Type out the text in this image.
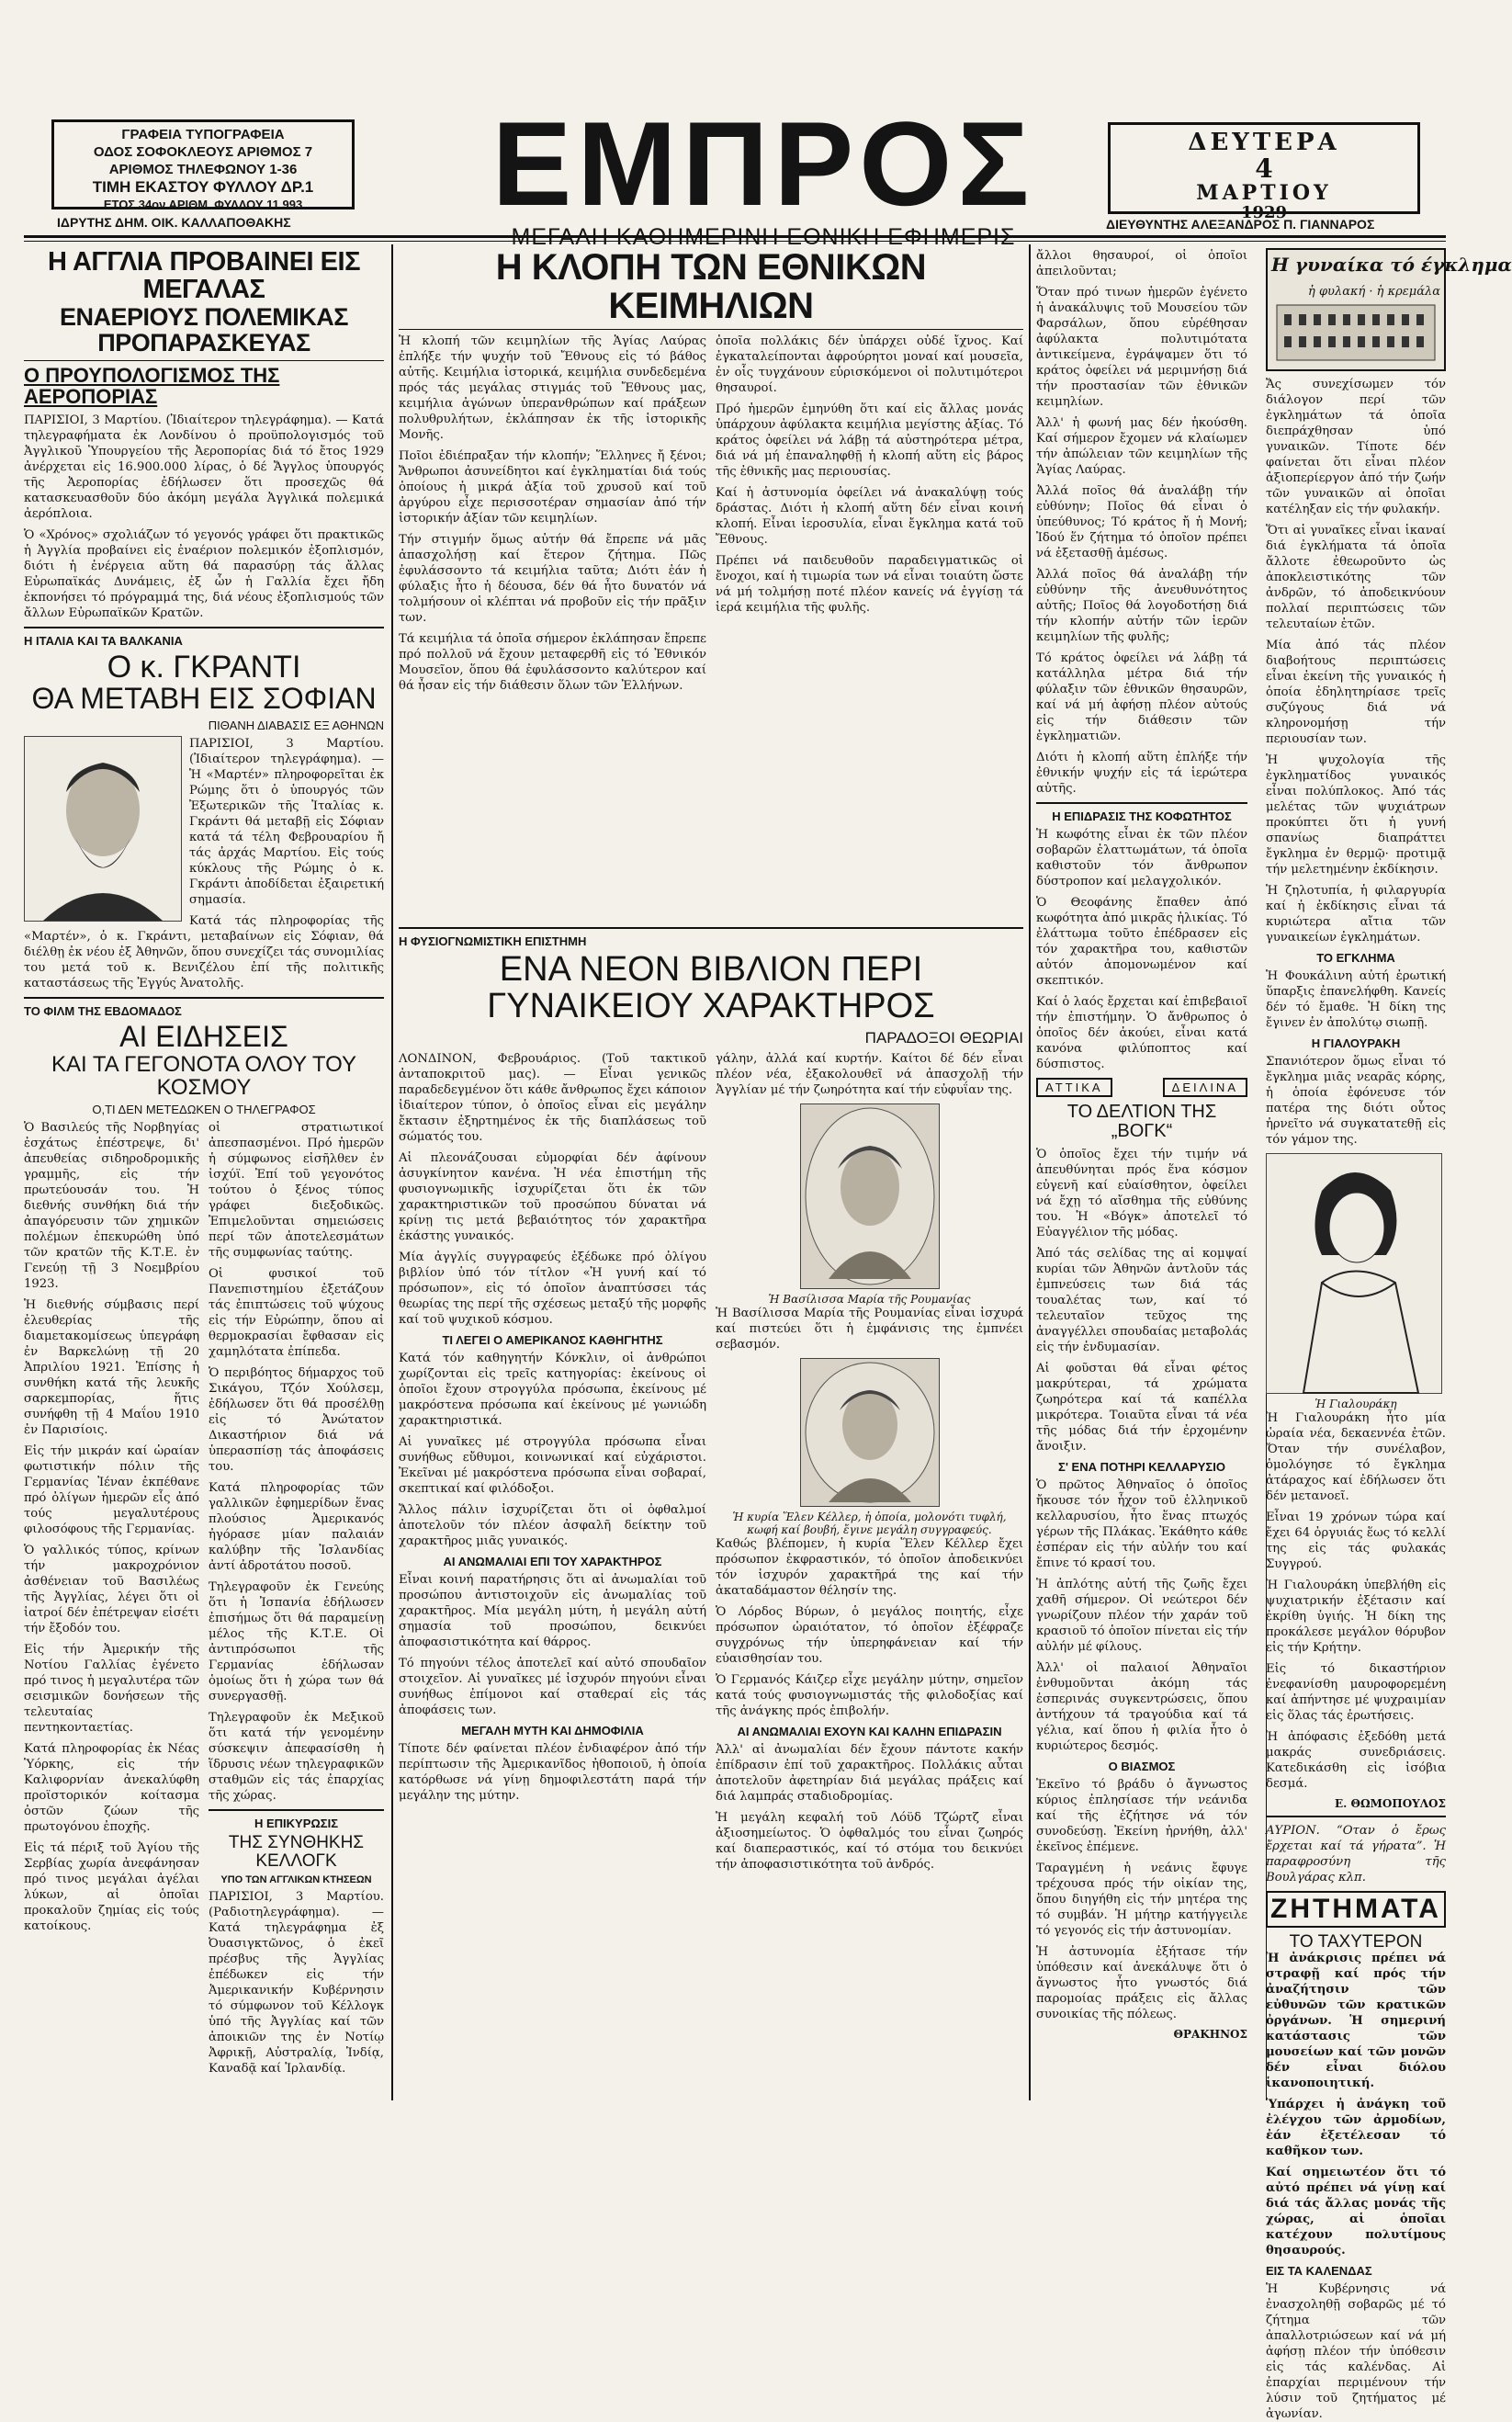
ΓΡΑΦΕΙΑ ΤΥΠΟΓΡΑΦΕΙΑ
ΟΔΟΣ ΣΟΦΟΚΛΕΟΥΣ ΑΡΙΘΜΟΣ 7
ΑΡΙΘΜΟΣ ΤΗΛΕΦΩΝΟΥ 1-36
ΤΙΜΗ ΕΚΑΣΤΟΥ ΦΥΛΛΟΥ ΔΡ.1
ΕΤΟΣ 34ον ΑΡΙΘΜ. ΦΥΛΛΟΥ 11.993
ΙΔΡΥΤΗΣ ΔΗΜ. ΟΙΚ. ΚΑΛΛΑΠΟΘΑΚΗΣ	ΕΜΠΡΟΣ	ΔΕΥΤΕΡΑ
4
ΜΑΡΤΙΟΥ
1929
ΔΙΕΥΘΥΝΤΗΣ ΑΛΕΞΑΝΔΡΟΣ Π. ΓΙΑΝΝΑΡΟΣ
Η ΑΓΓΛΙΑ ΠΡΟΒΑΙΝΕΙ ΕΙΣ ΜΕΓΑΛΑΣ
ΕΝΑΕΡΙΟΥΣ ΠΟΛΕΜΙΚΑΣ ΠΡΟΠΑΡΑΣΚΕΥΑΣ
Ο ΠΡΟΥΠΟΛΟΓΙΣΜΟΣ ΤΗΣ ΑΕΡΟΠΟΡΙΑΣ

ΠΑΡΙΣΙΟΙ, 3 Μαρτίου. (Ἰδιαίτερον τηλεγράφημα). — Κατά τηλεγραφήματα ἐκ Λονδίνου ὁ προϋπολογισμός τοῦ Ἀγγλικοῦ Ὑπουργείου τῆς Ἀεροπορίας διά τό ἔτος 1929 ἀνέρχεται εἰς 16.900.000 λίρας, ὁ δέ Ἄγγλος ὑπουργός τῆς Ἀεροπορίας ἐδήλωσεν ὅτι προσεχῶς θά κατασκευασθοῦν δύο ἀκόμη μεγάλα Ἀγγλικά πολεμικά ἀερόπλοια.

Ὁ «Χρόνος» σχολιάζων τό γεγονός γράφει ὅτι πρακτικῶς ἡ Ἀγγλία προβαίνει εἰς ἐναέριον πολεμικόν ἐξοπλισμόν, διότι ἡ ἐνέργεια αὕτη θά παρασύρῃ τάς ἄλλας Εὐρωπαϊκάς Δυνάμεις, ἐξ ὧν ἡ Γαλλία ἔχει ἤδη ἐκπονήσει τό πρόγραμμά της, διά νέους ἐξοπλισμούς τῶν ἄλλων Εὐρωπαϊκῶν Κρατῶν.

Η ΙΤΑΛΙΑ ΚΑΙ ΤΑ ΒΑΛΚΑΝΙΑ
Ο κ. ΓΚΡΑΝΤΙ
ΘΑ ΜΕΤΑΒΗ ΕΙΣ ΣΟΦΙΑΝ
ΠΙΘΑΝΗ ΔΙΑΒΑΣΙΣ ΕΞ ΑΘΗΝΩΝ

ΠΑΡΙΣΙΟΙ, 3 Μαρτίου. (Ἰδιαίτερον τηλεγράφημα). — Ἡ «Μαρτέν» πληροφορεῖται ἐκ Ρώμης ὅτι ὁ ὑπουργός τῶν Ἐξωτερικῶν τῆς Ἰταλίας κ. Γκράντι θά μεταβῇ εἰς Σόφιαν κατά τά τέλη Φεβρουαρίου ἤ τάς ἀρχάς Μαρτίου. Εἰς τούς κύκλους τῆς Ρώμης ὁ κ. Γκράντι ἀποδίδεται ἐξαιρετική σημασία.

Κατά τάς πληροφορίας τῆς «Μαρτέν», ὁ κ. Γκράντι, μεταβαίνων εἰς Σόφιαν, θά διέλθῃ ἐκ νέου ἐξ Ἀθηνῶν, ὅπου συνεχίζει τάς συνομιλίας του μετά τοῦ κ. Βενιζέλου ἐπί τῆς πολιτικῆς καταστάσεως τῆς Ἐγγύς Ἀνατολῆς.

ΤΟ ΦΙΛΜ ΤΗΣ ΕΒΔΟΜΑΔΟΣ
ΑΙ ΕΙΔΗΣΕΙΣ
ΚΑΙ ΤΑ ΓΕΓΟΝΟΤΑ ΟΛΟΥ ΤΟΥ ΚΟΣΜΟΥ
Ο,ΤΙ ΔΕΝ ΜΕΤΕΔΩΚΕΝ Ο ΤΗΛΕΓΡΑΦΟΣ

Ὁ Βασιλεύς τῆς Νορβηγίας ἐσχάτως ἐπέστρεψε, δι' ἀπευθείας σιδηροδρομικῆς γραμμῆς, εἰς τήν πρωτεύουσάν του. Ἡ διεθνής συνθήκη διά τήν ἀπαγόρευσιν τῶν χημικῶν πολέμων ἐπεκυρώθη ὑπό τῶν κρατῶν τῆς Κ.Τ.Ε. ἐν Γενεύῃ τῇ 3 Νοεμβρίου 1923.

Ἡ διεθνής σύμβασις περί ἐλευθερίας τῆς διαμετακομίσεως ὑπεγράφη ἐν Βαρκελώνῃ τῇ 20 Ἀπριλίου 1921. Ἐπίσης ἡ συνθήκη κατά τῆς λευκῆς σαρκεμπορίας, ἥτις συνήφθη τῇ 4 Μαΐου 1910 ἐν Παρισίοις.

Εἰς τήν μικράν καί ὡραίαν φωτιστικήν πόλιν τῆς Γερμανίας Ἰέναν ἐκπέθανε πρό ὀλίγων ἡμερῶν εἷς ἀπό τούς μεγαλυτέρους φιλοσόφους τῆς Γερμανίας.

Ὁ γαλλικός τύπος, κρίνων τήν μακροχρόνιον ἀσθένειαν τοῦ Βασιλέως τῆς Ἀγγλίας, λέγει ὅτι οἱ ἰατροί δέν ἐπέτρεψαν εἰσέτι τήν ἔξοδόν του.

Εἰς τήν Ἀμερικήν τῆς Νοτίου Γαλλίας ἐγένετο πρό τινος ἡ μεγαλυτέρα τῶν σεισμικῶν δονήσεων τῆς τελευταίας πεντηκονταετίας.

Κατά πληροφορίας ἐκ Νέας Ὑόρκης, εἰς τήν Καλιφορνίαν ἀνεκαλύφθη προϊστορικόν κοίτασμα ὀστῶν ζώων τῆς πρωτογόνου ἐποχῆς.

Εἰς τά πέριξ τοῦ Ἀγίου τῆς Σερβίας χωρία ἀνεφάνησαν πρό τινος μεγάλαι ἀγέλαι λύκων, αἱ ὁποῖαι προκαλοῦν ζημίας εἰς τούς κατοίκους.

οἱ στρατιωτικοί ἀπεσπασμένοι. Πρό ἡμερῶν ἡ σύμφωνος εἰσῆλθεν ἐν ἰσχύϊ. Ἐπί τοῦ γεγονότος τούτου ὁ ξένος τύπος γράφει διεξοδικῶς. Ἐπιμελοῦνται σημειώσεις περί τῶν ἀποτελεσμάτων τῆς συμφωνίας ταύτης.

Οἱ φυσικοί τοῦ Πανεπιστημίου ἐξετάζουν τάς ἐπιπτώσεις τοῦ ψύχους εἰς τήν Εὐρώπην, ὅπου αἱ θερμοκρασίαι ἔφθασαν εἰς χαμηλότατα ἐπίπεδα.

Ὁ περιβόητος δήμαρχος τοῦ Σικάγου, Τζόν Χούλσεμ, ἐδήλωσεν ὅτι θά προσέλθῃ εἰς τό Ἀνώτατον Δικαστήριον διά νά ὑπερασπίσῃ τάς ἀποφάσεις του.

Κατά πληροφορίας τῶν γαλλικῶν ἐφημερίδων ἕνας πλούσιος Ἀμερικανός ἠγόρασε μίαν παλαιάν καλύβην τῆς Ἰσλανδίας ἀντί ἀδροτάτου ποσοῦ.

Τηλεγραφοῦν ἐκ Γενεύης ὅτι ἡ Ἰσπανία ἐδήλωσεν ἐπισήμως ὅτι θά παραμείνῃ μέλος τῆς Κ.Τ.Ε. Οἱ ἀντιπρόσωποι τῆς Γερμανίας ἐδήλωσαν ὁμοίως ὅτι ἡ χώρα των θά συνεργασθῇ.

Τηλεγραφοῦν ἐκ Μεξικοῦ ὅτι κατά τήν γενομένην σύσκεψιν ἀπεφασίσθη ἡ ἵδρυσις νέων τηλεγραφικῶν σταθμῶν εἰς τάς ἐπαρχίας τῆς χώρας.

Η ΕΠΙΚΥΡΩΣΙΣ
ΤΗΣ ΣΥΝΘΗΚΗΣ ΚΕΛΛΟΓΚ
ΥΠΟ ΤΩΝ ΑΓΓΛΙΚΩΝ ΚΤΗΣΕΩΝ

ΠΑΡΙΣΙΟΙ, 3 Μαρτίου. (Ραδιοτηλεγράφημα). — Κατά τηλεγράφημα ἐξ Ὀυασιγκτῶνος, ὁ ἐκεῖ πρέσβυς τῆς Ἀγγλίας ἐπέδωκεν εἰς τήν Ἀμερικανικήν Κυβέρνησιν τό σύμφωνον τοῦ Κέλλογκ ὑπό τῆς Ἀγγλίας καί τῶν ἀποικιῶν της ἐν Νοτίῳ Ἀφρικῇ, Αὐστραλίᾳ, Ἰνδίᾳ, Καναδᾷ καί Ἰρλανδίᾳ.

Η ΚΛΟΠΗ ΤΩΝ ΕΘΝΙΚΩΝ ΚΕΙΜΗΛΙΩΝ

Ἡ κλοπή τῶν κειμηλίων τῆς Ἁγίας Λαύρας ἐπλήξε τήν ψυχήν τοῦ Ἔθνους εἰς τό βάθος αὐτῆς. Κειμήλια ἱστορικά, κειμήλια συνδεδεμένα πρός τάς μεγάλας στιγμάς τοῦ Ἔθνους μας, κειμήλια ἀγώνων ὑπερανθρώπων καί πράξεων πολυθρυλήτων, ἐκλάπησαν ἐκ τῆς ἱστορικῆς Μονῆς.

Ποῖοι ἐδιέπραξαν τήν κλοπήν; Ἕλληνες ἤ ξένοι; Ἄνθρωποι ἀσυνείδητοι καί ἐγκληματίαι διά τούς ὁποίους ἡ μικρά ἀξία τοῦ χρυσοῦ καί τοῦ ἀργύρου εἶχε περισσοτέραν σημασίαν ἀπό τήν ἱστορικήν ἀξίαν τῶν κειμηλίων.

Τήν στιγμήν ὅμως αὐτήν θά ἔπρεπε νά μᾶς ἀπασχολήσῃ καί ἕτερον ζήτημα. Πῶς ἐφυλάσσοντο τά κειμήλια ταῦτα; Διότι ἐάν ἡ φύλαξις ἦτο ἡ δέουσα, δέν θά ἦτο δυνατόν νά τολμήσουν οἱ κλέπται νά προβοῦν εἰς τήν πρᾶξιν των.

Τά κειμήλια τά ὁποῖα σήμερον ἐκλάπησαν ἔπρεπε πρό πολλοῦ νά ἔχουν μεταφερθῆ εἰς τό Ἐθνικόν Μουσεῖον, ὅπου θά ἐφυλάσσοντο καλύτερον καί θά ἦσαν εἰς τήν διάθεσιν ὅλων τῶν Ἑλλήνων.

ὁποῖα πολλάκις δέν ὑπάρχει οὐδέ ἴχνος. Καί ἐγκαταλείπονται ἀφρούρητοι μοναί καί μουσεῖα, ἐν οἷς τυγχάνουν εὑρισκόμενοι οἱ πολυτιμότεροι θησαυροί.

Πρό ἡμερῶν ἐμηνύθη ὅτι καί εἰς ἄλλας μονάς ὑπάρχουν ἀφύλακτα κειμήλια μεγίστης ἀξίας. Τό κράτος ὀφείλει νά λάβῃ τά αὐστηρότερα μέτρα, διά νά μή ἐπαναληφθῇ ἡ κλοπή αὕτη εἰς βάρος τῆς ἐθνικῆς μας περιουσίας.

Καί ἡ ἀστυνομία ὀφείλει νά ἀνακαλύψῃ τούς δράστας. Διότι ἡ κλοπή αὕτη δέν εἶναι κοινή κλοπή. Εἶναι ἱεροσυλία, εἶναι ἔγκλημα κατά τοῦ Ἔθνους.

Πρέπει νά παιδευθοῦν παραδειγματικῶς οἱ ἔνοχοι, καί ἡ τιμωρία των νά εἶναι τοιαύτη ὥστε νά μή τολμήσῃ ποτέ πλέον κανείς νά ἐγγίσῃ τά ἱερά κειμήλια τῆς φυλῆς.

Η ΦΥΣΙΟΓΝΩΜΙΣΤΙΚΗ ΕΠΙΣΤΗΜΗ
ΕΝΑ ΝΕΟΝ ΒΙΒΛΙΟΝ ΠΕΡΙ
ΓΥΝΑΙΚΕΙΟΥ ΧΑΡΑΚΤΗΡΟΣ
ΠΑΡΑΔΟΞΟΙ ΘΕΩΡΙΑΙ

ΛΟΝΔΙΝΟΝ, Φεβρουάριος. (Τοῦ τακτικοῦ ἀνταποκριτοῦ μας). — Εἶναι γενικῶς παραδεδεγμένον ὅτι κάθε ἄνθρωπος ἔχει κάποιον ἰδιαίτερον τύπον, ὁ ὁποῖος εἶναι εἰς μεγάλην ἔκτασιν ἐξηρτημένος ἐκ τῆς διαπλάσεως τοῦ σώματός του.

Αἱ πλεονάζουσαι εὐμορφίαι δέν ἀφίνουν ἀσυγκίνητον κανένα. Ἡ νέα ἐπιστήμη τῆς φυσιογνωμικῆς ἰσχυρίζεται ὅτι ἐκ τῶν χαρακτηριστικῶν τοῦ προσώπου δύναται νά κρίνῃ τις μετά βεβαιότητος τόν χαρακτῆρα ἑκάστης γυναικός.

Μία ἀγγλίς συγγραφεύς ἐξέδωκε πρό ὀλίγου βιβλίον ὑπό τόν τίτλον «Ἡ γυνή καί τό πρόσωπον», εἰς τό ὁποῖον ἀναπτύσσει τάς θεωρίας της περί τῆς σχέσεως μεταξύ τῆς μορφῆς καί τοῦ ψυχικοῦ κόσμου.

ΤΙ ΛΕΓΕΙ Ο ΑΜΕΡΙΚΑΝΟΣ ΚΑΘΗΓΗΤΗΣ

Κατά τόν καθηγητήν Κόνκλιν, οἱ ἀνθρώποι χωρίζονται εἰς τρεῖς κατηγορίας: ἐκείνους οἱ ὁποῖοι ἔχουν στρογγύλα πρόσωπα, ἐκείνους μέ μακρόστενα πρόσωπα καί ἐκείνους μέ γωνιώδη χαρακτηριστικά.

Αἱ γυναῖκες μέ στρογγύλα πρόσωπα εἶναι συνήθως εὔθυμοι, κοινωνικαί καί εὐχάριστοι. Ἐκεῖναι μέ μακρόστενα πρόσωπα εἶναι σοβαραί, σκεπτικαί καί φιλόδοξοι.

Ἄλλος πάλιν ἰσχυρίζεται ὅτι οἱ ὀφθαλμοί ἀποτελοῦν τόν πλέον ἀσφαλῆ δείκτην τοῦ χαρακτῆρος μιᾶς γυναικός.

ΑΙ ΑΝΩΜΑΛΙΑΙ ΕΠΙ ΤΟΥ ΧΑΡΑΚΤΗΡΟΣ

Εἶναι κοινή παρατήρησις ὅτι αἱ ἀνωμαλίαι τοῦ προσώπου ἀντιστοιχοῦν εἰς ἀνωμαλίας τοῦ χαρακτῆρος. Μία μεγάλη μύτη, ἡ μεγάλη αὐτή σημασία τοῦ προσώπου, δεικνύει ἀποφασιστικότητα καί θάρρος.

Τό πηγούνι τέλος ἀποτελεῖ καί αὐτό σπουδαῖον στοιχεῖον. Αἱ γυναῖκες μέ ἰσχυρόν πηγούνι εἶναι συνήθως ἐπίμονοι καί σταθεραί εἰς τάς ἀποφάσεις των.

ΜΕΓΑΛΗ ΜΥΤΗ ΚΑΙ ΔΗΜΟΦΙΛΙΑ

Τίποτε δέν φαίνεται πλέον ἐνδιαφέρον ἀπό τήν περίπτωσιν τῆς Ἀμερικανῖδος ἠθοποιοῦ, ἡ ὁποία κατόρθωσε νά γίνῃ δημοφιλεστάτη παρά τήν μεγάλην της μύτην.

γάλην, ἀλλά καί κυρτήν. Καίτοι δέ δέν εἶναι πλέον νέα, ἐξακολουθεῖ νά ἀπασχολῇ τήν Ἀγγλίαν μέ τήν ζωηρότητα καί τήν εὐφυΐαν της.

Ἡ Βασίλισσα Μαρία τῆς Ρουμανίας

Ἡ Βασίλισσα Μαρία τῆς Ρουμανίας εἶναι ἰσχυρά καί πιστεύει ὅτι ἡ ἐμφάνισις της ἐμπνέει σεβασμόν.

Ἡ κυρία Ἕλεν Κέλλερ, ἡ ὁποία, μολονότι τυφλή, κωφή καί βουβή, ἔγινε μεγάλη συγγραφεύς.

Καθώς βλέπομεν, ἡ κυρία Ἕλεν Κέλλερ ἔχει πρόσωπον ἐκφραστικόν, τό ὁποῖον ἀποδεικνύει τόν ἰσχυρόν χαρακτῆρά της καί τήν ἀκαταδάμαστον θέλησίν της.

Ὁ Λόρδος Βύρων, ὁ μεγάλος ποιητής, εἶχε πρόσωπον ὡραιότατον, τό ὁποῖον ἐξέφραζε συγχρόνως τήν ὑπερηφάνειαν καί τήν εὐαισθησίαν του.

Ὁ Γερμανός Κάιζερ εἶχε μεγάλην μύτην, σημεῖον κατά τούς φυσιογνωμιστάς τῆς φιλοδοξίας καί τῆς ἀνάγκης πρός ἐπιβολήν.

ΑΙ ΑΝΩΜΑΛΙΑΙ ΕΧΟΥΝ ΚΑΙ ΚΑΛΗΝ ΕΠΙΔΡΑΣΙΝ

Ἀλλ' αἱ ἀνωμαλίαι δέν ἔχουν πάντοτε κακήν ἐπίδρασιν ἐπί τοῦ χαρακτῆρος. Πολλάκις αὗται ἀποτελοῦν ἀφετηρίαν διά μεγάλας πράξεις καί διά λαμπράς σταδιοδρομίας.

Ἡ μεγάλη κεφαλή τοῦ Λόϋδ Τζώρτζ εἶναι ἀξιοσημείωτος. Ὁ ὀφθαλμός του εἶναι ζωηρός καί διαπεραστικός, καί τό στόμα του δεικνύει τήν ἀποφασιστικότητα τοῦ ἀνδρός.

ἄλλοι θησαυροί, οἱ ὁποῖοι ἀπειλοῦνται;

Ὅταν πρό τινων ἡμερῶν ἐγένετο ἡ ἀνακάλυψις τοῦ Μουσείου τῶν Φαρσάλων, ὅπου εὑρέθησαν ἀφύλακτα πολυτιμότατα ἀντικείμενα, ἐγράψαμεν ὅτι τό κράτος ὀφείλει νά μεριμνήσῃ διά τήν προστασίαν τῶν ἐθνικῶν κειμηλίων.

Ἀλλ' ἡ φωνή μας δέν ἠκούσθη. Καί σήμερον ἔχομεν νά κλαίωμεν τήν ἀπώλειαν τῶν κειμηλίων τῆς Ἁγίας Λαύρας.

Ἀλλά ποῖος θά ἀναλάβῃ τήν εὐθύνην; Ποῖος θά εἶναι ὁ ὑπεύθυνος; Τό κράτος ἤ ἡ Μονή; Ἰδού ἕν ζήτημα τό ὁποῖον πρέπει νά ἐξετασθῇ ἀμέσως.

Ἀλλά ποῖος θά ἀναλάβῃ τήν εὐθύνην τῆς ἀνευθυνότητος αὐτῆς; Ποῖος θά λογοδοτήσῃ διά τήν κλοπήν αὐτήν τῶν ἱερῶν κειμηλίων τῆς φυλῆς;

Τό κράτος ὀφείλει νά λάβῃ τά κατάλληλα μέτρα διά τήν φύλαξιν τῶν ἐθνικῶν θησαυρῶν, καί νά μή ἀφήσῃ πλέον αὐτούς εἰς τήν διάθεσιν τῶν ἐγκληματιῶν.

Διότι ἡ κλοπή αὕτη ἐπλήξε τήν ἐθνικήν ψυχήν εἰς τά ἱερώτερα αὐτῆς.

Η ΕΠΙΔΡΑΣΙΣ ΤΗΣ ΚΟΦΩΤΗΤΟΣ

Ἡ κωφότης εἶναι ἐκ τῶν πλέον σοβαρῶν ἐλαττωμάτων, τά ὁποῖα καθιστοῦν τόν ἄνθρωπον δύστροπον καί μελαγχολικόν.

Ὁ Θεοφάνης ἔπαθεν ἀπό κωφότητα ἀπό μικρᾶς ἡλικίας. Τό ἐλάττωμα τοῦτο ἐπέδρασεν εἰς τόν χαρακτῆρα του, καθιστῶν αὐτόν ἀπομονωμένον καί σκεπτικόν.

Καί ὁ λαός ἔρχεται καί ἐπιβεβαιοῖ τήν ἐπιστήμην. Ὁ ἄνθρωπος ὁ ὁποῖος δέν ἀκούει, εἶναι κατά κανόνα φιλύποπτος καί δύσπιστος.

ΑΤΤΙΚΑ	ΔΕΙΛΙΝΑ
ΤΟ ΔΕΛΤΙΟΝ ΤΗΣ „ΒΟΓΚ“

Ὁ ὁποῖος ἔχει τήν τιμήν νά ἀπευθύνηται πρός ἕνα κόσμον εὐγενῆ καί εὐαίσθητον, ὀφείλει νά ἔχῃ τό αἴσθημα τῆς εὐθύνης του. Ἡ «Βόγκ» ἀποτελεῖ τό Εὐαγγέλιον τῆς μόδας.

Ἀπό τάς σελίδας της αἱ κομψαί κυρίαι τῶν Ἀθηνῶν ἀντλοῦν τάς ἐμπνεύσεις των διά τάς τουαλέτας των, καί τό τελευταῖον τεῦχος της ἀναγγέλλει σπουδαίας μεταβολάς εἰς τήν ἐνδυμασίαν.

Αἱ φοῦσται θά εἶναι φέτος μακρύτεραι, τά χρώματα ζωηρότερα καί τά καπέλλα μικρότερα. Τοιαῦτα εἶναι τά νέα τῆς μόδας διά τήν ἐρχομένην ἄνοιξιν.

Σ' ΕΝΑ ΠΟΤΗΡΙ ΚΕΛΛΑΡΥΣΙΟ

Ὁ πρῶτος Ἀθηναῖος ὁ ὁποῖος ἤκουσε τόν ἦχον τοῦ ἑλληνικοῦ κελλαρυσίου, ἦτο ἕνας πτωχός γέρων τῆς Πλάκας. Ἐκάθητο κάθε ἑσπέραν εἰς τήν αὐλήν του καί ἔπινε τό κρασί του.

Ἡ ἀπλότης αὐτή τῆς ζωῆς ἔχει χαθῆ σήμερον. Οἱ νεώτεροι δέν γνωρίζουν πλέον τήν χαράν τοῦ κρασιοῦ τό ὁποῖον πίνεται εἰς τήν αὐλήν μέ φίλους.

Ἀλλ' οἱ παλαιοί Ἀθηναῖοι ἐνθυμοῦνται ἀκόμη τάς ἑσπερινάς συγκεντρώσεις, ὅπου ἀντήχουν τά τραγούδια καί τά γέλια, καί ὅπου ἡ φιλία ἦτο ὁ κυριώτερος δεσμός.

Ο ΒΙΑΣΜΟΣ

Ἐκεῖνο τό βράδυ ὁ ἄγνωστος κύριος ἐπλησίασε τήν νεάνιδα καί τῆς ἐζήτησε νά τόν συνοδεύσῃ. Ἐκείνη ἠρνήθη, ἀλλ' ἐκεῖνος ἐπέμενε.

Ταραγμένη ἡ νεάνις ἔφυγε τρέχουσα πρός τήν οἰκίαν της, ὅπου διηγήθη εἰς τήν μητέρα της τό συμβάν. Ἡ μήτηρ κατήγγειλε τό γεγονός εἰς τήν ἀστυνομίαν.

Ἡ ἀστυνομία ἐξήτασε τήν ὑπόθεσιν καί ἀνεκάλυψε ὅτι ὁ ἄγνωστος ἦτο γνωστός διά παρομοίας πράξεις εἰς ἄλλας συνοικίας τῆς πόλεως.

ΘΡΑΚΗΝΟΣ
Η γυναίκα τό έγκλημα
ἡ φυλακή · ἡ κρεμάλα

Ἄς συνεχίσωμεν τόν διάλογον περί τῶν ἐγκλημάτων τά ὁποῖα διεπράχθησαν ὑπό γυναικῶν. Τίποτε δέν φαίνεται ὅτι εἶναι πλέον ἀξιοπερίεργον ἀπό τήν ζωήν τῶν γυναικῶν αἱ ὁποῖαι κατέληξαν εἰς τήν φυλακήν.

Ὅτι αἱ γυναῖκες εἶναι ἱκαναί διά ἐγκλήματα τά ὁποῖα ἄλλοτε ἐθεωροῦντο ὡς ἀποκλειστικότης τῶν ἀνδρῶν, τό ἀποδεικνύουν πολλαί περιπτώσεις τῶν τελευταίων ἐτῶν.

Μία ἀπό τάς πλέον διαβοήτους περιπτώσεις εἶναι ἐκείνη τῆς γυναικός ἡ ὁποία ἐδηλητηρίασε τρεῖς συζύγους διά νά κληρονομήσῃ τήν περιουσίαν των.

Ἡ ψυχολογία τῆς ἐγκληματίδος γυναικός εἶναι πολύπλοκος. Ἀπό τάς μελέτας τῶν ψυχιάτρων προκύπτει ὅτι ἡ γυνή σπανίως διαπράττει ἔγκλημα ἐν θερμῷ· προτιμᾷ τήν μελετημένην ἐκδίκησιν.

Ἡ ζηλοτυπία, ἡ φιλαργυρία καί ἡ ἐκδίκησις εἶναι τά κυριώτερα αἴτια τῶν γυναικείων ἐγκλημάτων.

ΤΟ ΕΓΚΛΗΜΑ

Ἡ Φουκάλινη αὐτή ἐρωτική ὕπαρξις ἐπανελήφθη. Κανείς δέν τό ἔμαθε. Ἡ δίκη της ἔγινεν ἐν ἀπολύτῳ σιωπῇ.

Η ΓΙΑΛΟΥΡΑΚΗ

Σπανιότερον ὅμως εἶναι τό ἔγκλημα μιᾶς νεαρᾶς κόρης, ἡ ὁποία ἐφόνευσε τόν πατέρα της διότι οὗτος ἠρνεῖτο νά συγκατατεθῇ εἰς τόν γάμον της.

Ἡ Γιαλουράκη

Ἡ Γιαλουράκη ἦτο μία ὡραία νέα, δεκαεννέα ἐτῶν. Ὅταν τήν συνέλαβον, ὁμολόγησε τό ἔγκλημα ἀτάραχος καί ἐδήλωσεν ὅτι δέν μετανοεῖ.

Εἶναι 19 χρόνων τώρα καί ἔχει 64 ὀργυιάς ἕως τό κελλί της εἰς τάς φυλακάς Συγγρού.

Ἡ Γιαλουράκη ὑπεβλήθη εἰς ψυχιατρικήν ἐξέτασιν καί ἐκρίθη ὑγιής. Ἡ δίκη της προκάλεσε μεγάλον θόρυβον εἰς τήν Κρήτην.

Εἰς τό δικαστήριον ἐνεφανίσθη μαυροφορεμένη καί ἀπήντησε μέ ψυχραιμίαν εἰς ὅλας τάς ἐρωτήσεις.

Ἡ ἀπόφασις ἐξεδόθη μετά μακράς συνεδριάσεις. Κατεδικάσθη εἰς ἰσόβια δεσμά.

Ε. ΘΩΜΟΠΟΥΛΟΣ

ΑΥΡΙΟΝ. “Οταν ὁ ἔρως ἔρχεται καί τά γήρατα”. Ἡ παραφροσύνη τῆς Βουλγάρας κλπ.

ΖΗΤΗΜΑΤΑ
ΤΟ ΤΑΧΥΤΕΡΟΝ

Ἡ ἀνάκρισις πρέπει νά στραφῇ καί πρός τήν ἀναζήτησιν τῶν εὐθυνῶν τῶν κρατικῶν ὀργάνων. Ἡ σημερινή κατάστασις τῶν μουσείων καί τῶν μονῶν δέν εἶναι διόλου ἱκανοποιητική.

Ὑπάρχει ἡ ἀνάγκη τοῦ ἐλέγχου τῶν ἀρμοδίων, ἐάν ἐξετέλεσαν τό καθῆκον των.

Καί σημειωτέον ὅτι τό αὐτό πρέπει νά γίνῃ καί διά τάς ἄλλας μονάς τῆς χώρας, αἱ ὁποῖαι κατέχουν πολυτίμους θησαυρούς.

ΕΙΣ ΤΑ ΚΑΛΕΝΔΑΣ

Ἡ Κυβέρνησις νά ἐνασχοληθῇ σοβαρῶς μέ τό ζήτημα τῶν ἀπαλλοτριώσεων καί νά μή ἀφήσῃ πλέον τήν ὑπόθεσιν εἰς τάς καλένδας. Αἱ ἐπαρχίαι περιμένουν τήν λύσιν τοῦ ζητήματος μέ ἀγωνίαν.
